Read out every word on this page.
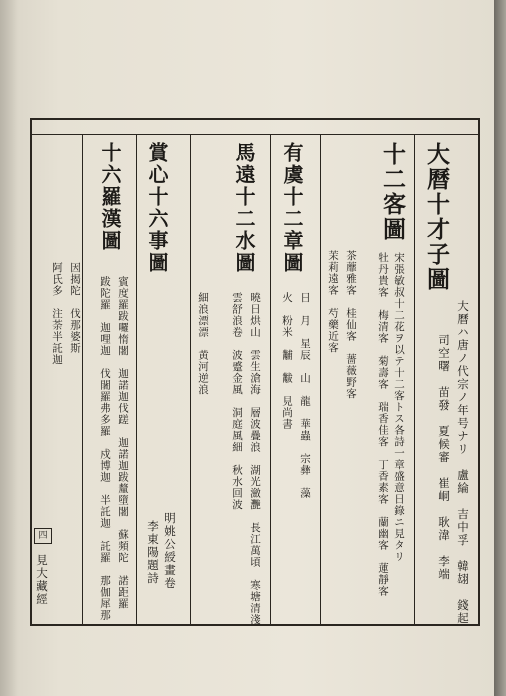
四
大曆十才子圖
大曆ハ唐ノ代宗ノ年号ナリ　盧綸　吉中孚　韓翃　錢起
司空曙　苗發　夏候審　崔峒　耿湋　李端
十二客圖
宋張敏叔十二花ヲ以テ十二客トス各詩一章盛意日錄ニ見タリ
牡丹貴客　梅清客　菊壽客　瑞香佳客　丁香素客　蘭幽客　蓮靜客
茶蘼雅客　桂仙客　薔薇野客
茉莉遠客　芍藥近客
有虞十二章圖
日　月　星辰　山　龍　華蟲　宗彝　藻
火　粉米　黼　黻　見尚書
馬遠十二水圖
曉日烘山　雲生滄海　層波疊浪　湖光瀲灧　長江萬頃　寒塘清淺
雲舒浪卷　波蹙金風　洞庭風細　秋水回波
細浪漂漂　黄河逆浪
賞心十六事圖
明姚公綬畫卷
李東陽題詩
十六羅漢圖
賓度羅跋囉惰闍　迦諾迦伐蹉　迦諾迦跋釐墮闍　蘇頻陀　諾距羅
跋陀羅　迦哩迦　伐闍羅弗多羅　戍博迦　半託迦　託羅　那伽犀那
因揭陀　伐那婆斯
阿氏多　注荼半託迦
見大藏經
